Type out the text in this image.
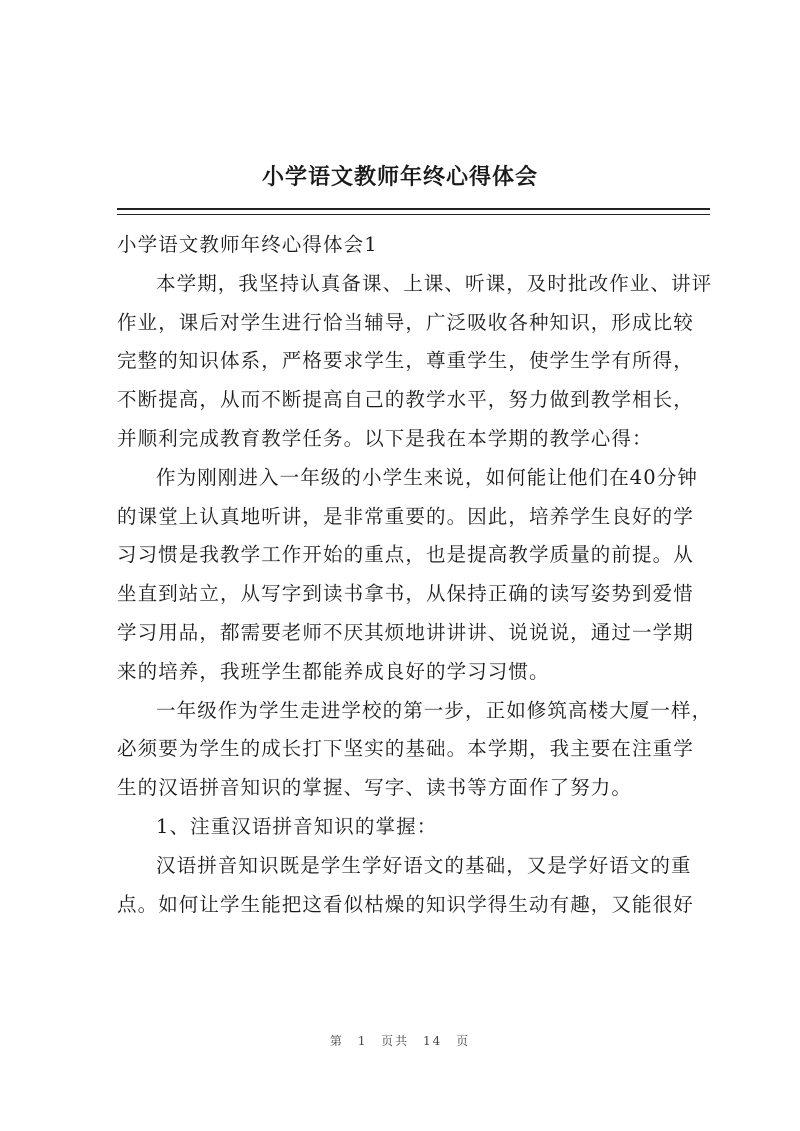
小学语文教师年终心得体会

小学语文教师年终心得体会1

本学期，我坚持认真备课、上课、听课，及时批改作业、讲评作业，课后对学生进行恰当辅导，广泛吸收各种知识，形成比较完整的知识体系，严格要求学生，尊重学生，使学生学有所得，不断提高，从而不断提高自己的教学水平，努力做到教学相长，并顺利完成教育教学任务。以下是我在本学期的教学心得：

作为刚刚进入一年级的小学生来说，如何能让他们在40分钟的课堂上认真地听讲，是非常重要的。因此，培养学生良好的学习习惯是我教学工作开始的重点，也是提高教学质量的前提。从坐直到站立，从写字到读书拿书，从保持正确的读写姿势到爱惜学习用品，都需要老师不厌其烦地讲讲讲、说说说，通过一学期来的培养，我班学生都能养成良好的学习习惯。

一年级作为学生走进学校的第一步，正如修筑高楼大厦一样，必须要为学生的成长打下坚实的基础。本学期，我主要在注重学生的汉语拼音知识的掌握、写字、读书等方面作了努力。

1、注重汉语拼音知识的掌握：

汉语拼音知识既是学生学好语文的基础，又是学好语文的重点。如何让学生能把这看似枯燥的知识学得生动有趣，又能很好

第 1 页共 14 页
